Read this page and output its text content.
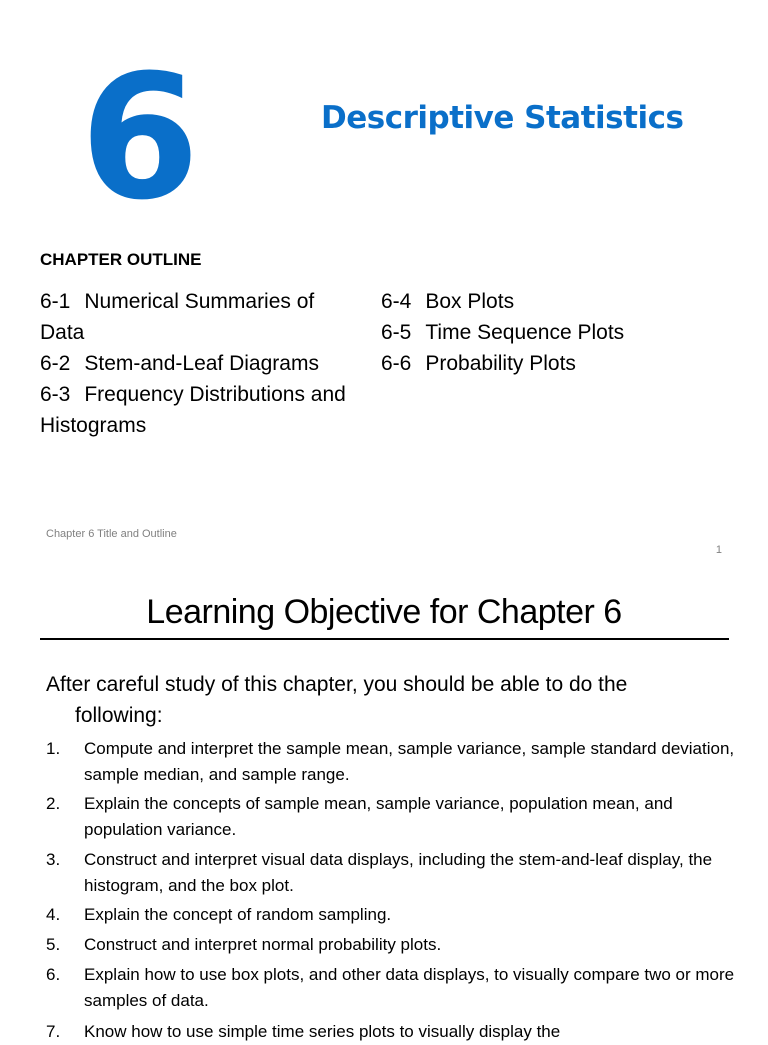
6	Descriptive Statistics
CHAPTER OUTLINE
6-1 Numerical Summaries of Data
6-2 Stem-and-Leaf Diagrams
6-3 Frequency Distributions and Histograms
6-4 Box Plots
6-5 Time Sequence Plots
6-6 Probability Plots
Chapter 6 Title and Outline
1
Learning Objective for Chapter 6
After careful study of this chapter, you should be able to do the
following:
1. Compute and interpret the sample mean, sample variance, sample standard deviation, sample median, and sample range.
2. Explain the concepts of sample mean, sample variance, population mean, and population variance.
3. Construct and interpret visual data displays, including the stem-and-leaf display, the histogram, and the box plot.
4. Explain the concept of random sampling.
5. Construct and interpret normal probability plots.
6. Explain how to use box plots, and other data displays, to visually compare two or more samples of data.
7. Know how to use simple time series plots to visually display the
